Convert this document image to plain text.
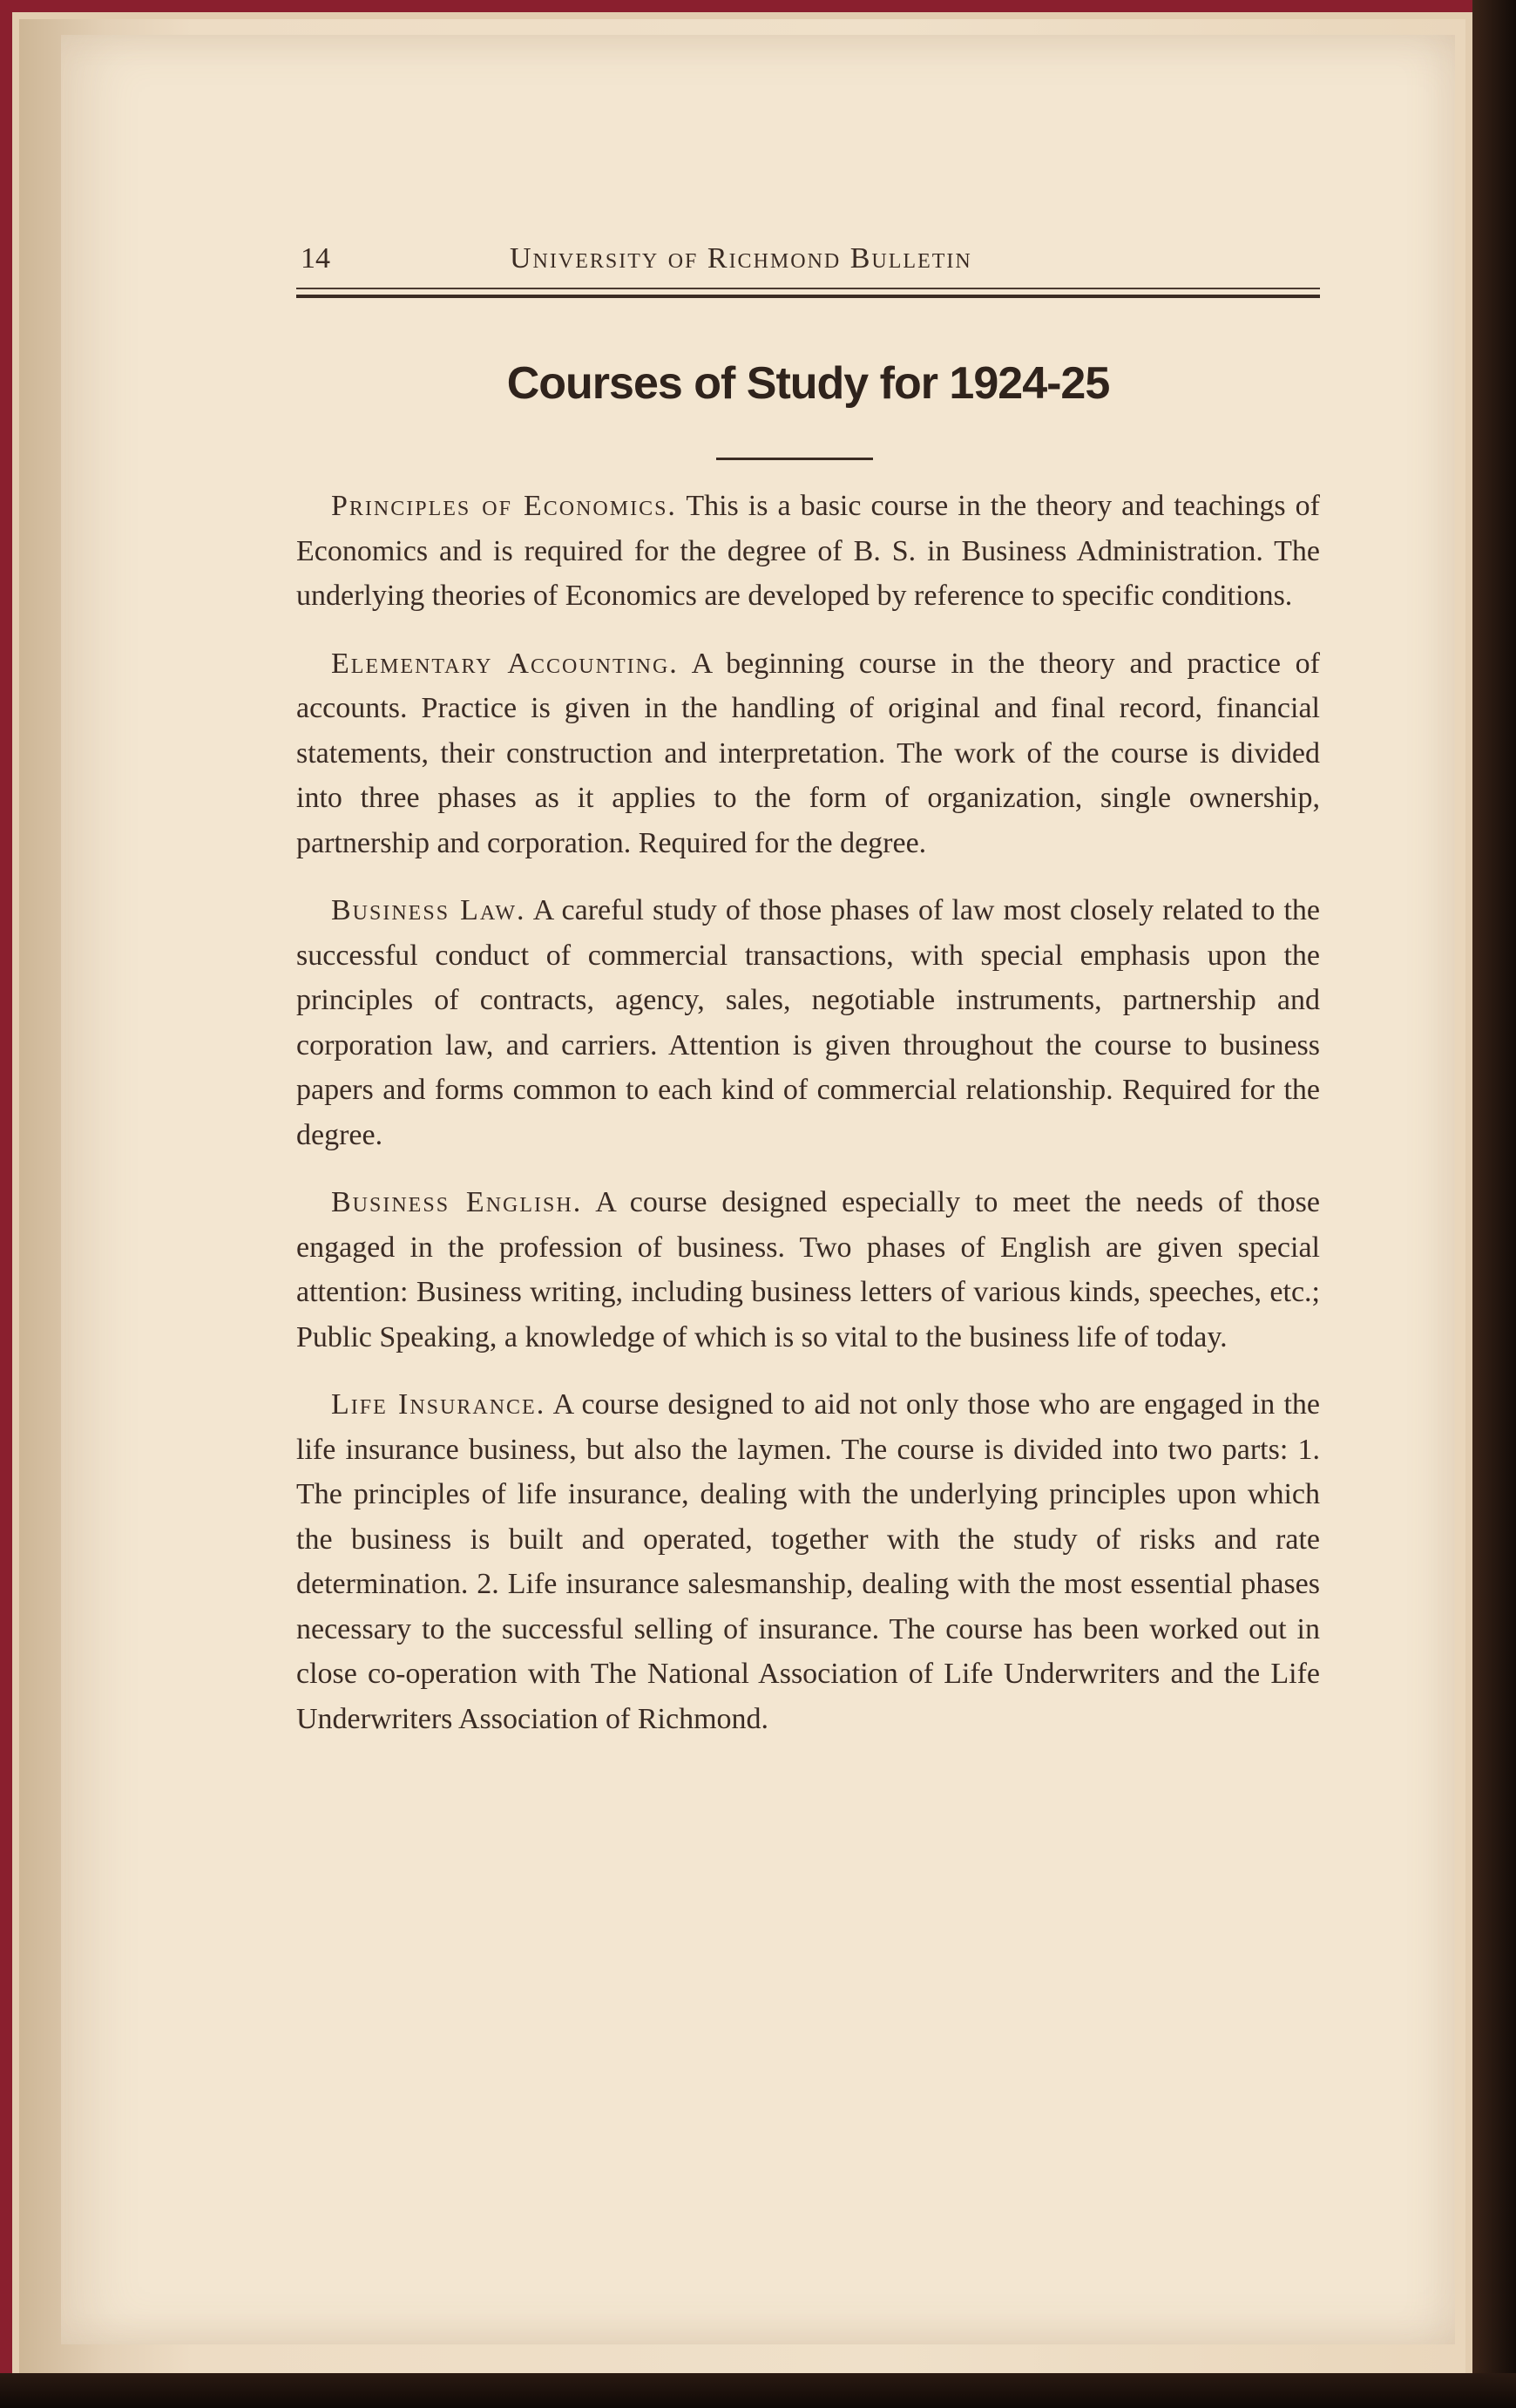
14	University of Richmond Bulletin
Courses of Study for 1924-25

Principles of Economics. This is a basic course in the theory and teachings of Economics and is required for the degree of B. S. in Business Administration. The underlying theories of Economics are developed by reference to specific conditions.

Elementary Accounting. A beginning course in the theory and practice of accounts. Practice is given in the handling of original and final record, financial statements, their construction and interpretation. The work of the course is divided into three phases as it applies to the form of organization, single ownership, partnership and corporation. Required for the degree.

Business Law. A careful study of those phases of law most closely related to the successful conduct of commercial transactions, with special emphasis upon the principles of contracts, agency, sales, negotiable instruments, partnership and corporation law, and carriers. Attention is given throughout the course to business papers and forms common to each kind of commercial relationship. Required for the degree.

Business English. A course designed especially to meet the needs of those engaged in the profession of business. Two phases of English are given special attention: Business writing, including business letters of various kinds, speeches, etc.; Public Speaking, a knowledge of which is so vital to the business life of today.

Life Insurance. A course designed to aid not only those who are engaged in the life insurance business, but also the laymen. The course is divided into two parts: 1. The principles of life insurance, dealing with the underlying principles upon which the business is built and operated, together with the study of risks and rate determination. 2. Life insurance salesmanship, dealing with the most essential phases necessary to the successful selling of insurance. The course has been worked out in close co-operation with The National Association of Life Underwriters and the Life Underwriters Association of Richmond.
